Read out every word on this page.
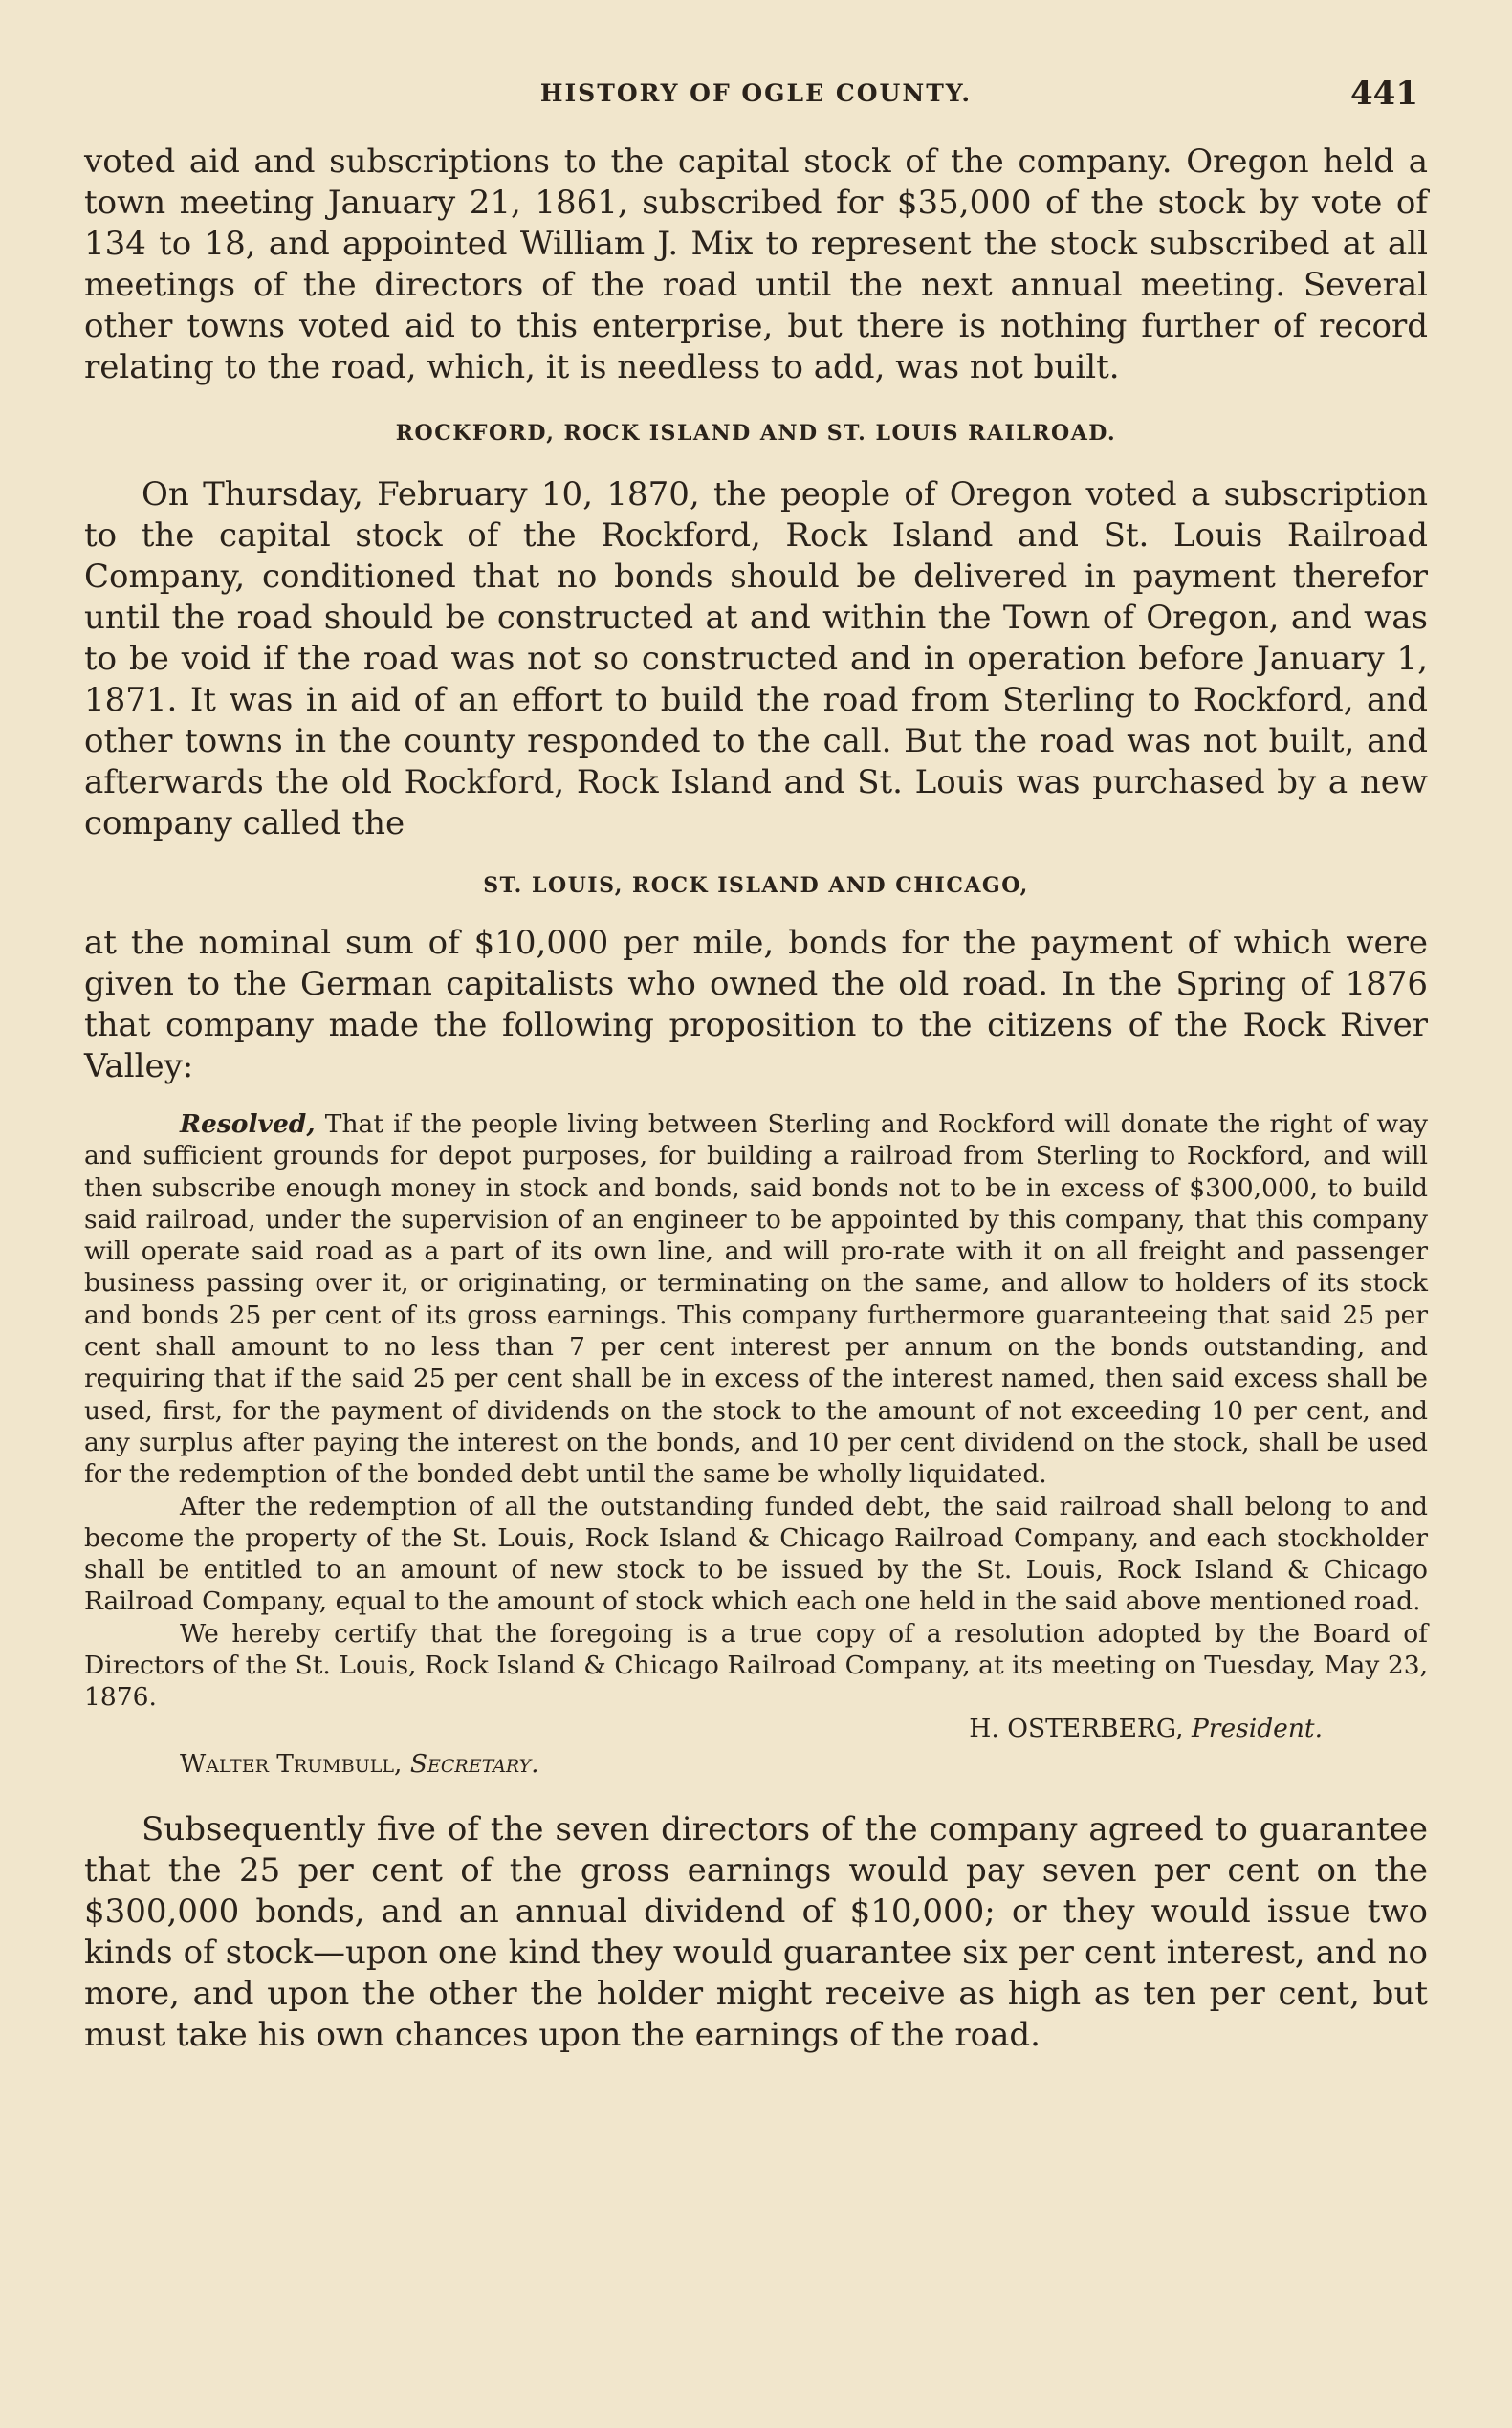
HISTORY OF OGLE COUNTY.	441

voted aid and subscriptions to the capital stock of the company. Oregon held a town meeting January 21, 1861, subscribed for $35,000 of the stock by vote of 134 to 18, and appointed William J. Mix to represent the stock subscribed at all meetings of the directors of the road until the next annual meeting. Several other towns voted aid to this enterprise, but there is nothing further of record relating to the road, which, it is needless to add, was not built.

ROCKFORD, ROCK ISLAND AND ST. LOUIS RAILROAD.

On Thursday, February 10, 1870, the people of Oregon voted a subscription to the capital stock of the Rockford, Rock Island and St. Louis Railroad Company, conditioned that no bonds should be delivered in payment therefor until the road should be constructed at and within the Town of Oregon, and was to be void if the road was not so constructed and in operation before January 1, 1871. It was in aid of an effort to build the road from Sterling to Rockford, and other towns in the county responded to the call. But the road was not built, and afterwards the old Rockford, Rock Island and St. Louis was purchased by a new company called the

ST. LOUIS, ROCK ISLAND AND CHICAGO,

at the nominal sum of $10,000 per mile, bonds for the payment of which were given to the German capitalists who owned the old road. In the Spring of 1876 that company made the following proposition to the citizens of the Rock River Valley:

Resolved, That if the people living between Sterling and Rockford will donate the right of way and sufficient grounds for depot purposes, for building a railroad from Sterling to Rockford, and will then subscribe enough money in stock and bonds, said bonds not to be in excess of $300,000, to build said railroad, under the supervision of an engineer to be appointed by this company, that this company will operate said road as a part of its own line, and will pro-rate with it on all freight and passenger business passing over it, or originating, or terminating on the same, and allow to holders of its stock and bonds 25 per cent of its gross earnings. This company furthermore guaranteeing that said 25 per cent shall amount to no less than 7 per cent interest per annum on the bonds outstanding, and requiring that if the said 25 per cent shall be in excess of the interest named, then said excess shall be used, first, for the payment of dividends on the stock to the amount of not exceeding 10 per cent, and any surplus after paying the interest on the bonds, and 10 per cent dividend on the stock, shall be used for the redemption of the bonded debt until the same be wholly liquidated.

After the redemption of all the outstanding funded debt, the said railroad shall belong to and become the property of the St. Louis, Rock Island & Chicago Railroad Company, and each stockholder shall be entitled to an amount of new stock to be issued by the St. Louis, Rock Island & Chicago Railroad Company, equal to the amount of stock which each one held in the said above mentioned road.

We hereby certify that the foregoing is a true copy of a resolution adopted by the Board of Directors of the St. Louis, Rock Island & Chicago Railroad Company, at its meeting on Tuesday, May 23, 1876.

H. OSTERBERG, President.
Walter Trumbull, Secretary.

Subsequently five of the seven directors of the company agreed to guarantee that the 25 per cent of the gross earnings would pay seven per cent on the $300,000 bonds, and an annual dividend of $10,000; or they would issue two kinds of stock—upon one kind they would guarantee six per cent interest, and no more, and upon the other the holder might receive as high as ten per cent, but must take his own chances upon the earnings of the road.
